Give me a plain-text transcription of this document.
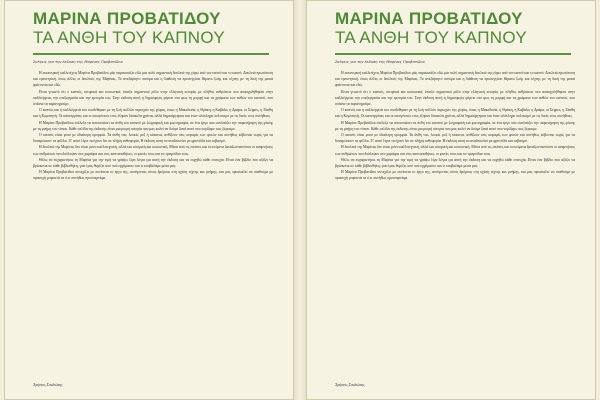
ΜΑΡΙΝΑ ΠΡΟΒΑΤΙΔΟΥ
ΤΑ ΑΝΘΗ ΤΟΥ ΚΑΠΝΟΥ
Σκέψεις για την έκδοση της Μαρίνας Προβατίδου

Η εκκεντρική καλλιτέχνις Μαρίνα Προβατίδου μάς παρουσιάζει εδώ μια πολύ σημαντική δουλειά της γύρω από τον καπνό και το καπνό. Δουλειά πρωτότυπη και ερευνητική, όπως άλλες οι δουλειές της Μαρίνας. Το ανεξάρτητο πνεύμα και η διάθεση να προσεγγίσει θέματα ζωής και τέχνης με τη δική της ματιά φαίνονται και εδώ.

Είναι γνωστό ότι ο καπνός, ιστορικά και κοινωνικά, έπαιξε σημαντικό ρόλο στην ελληνική ιστορία, με πλήθος ανθρώπων που απασχολήθηκαν στην καλλιέργεια, την επεξεργασία και την εμπορία του. Στην έκδοση αυτή η δημιουργός φέρνει στο φως τη μορφή και τα χρώματα των ανθών του καπνού, που σπάνια τα παρατηρούμε.

Ο καπνός και η καλλιέργειά του συνδέθηκαν με τη ζωή πολλών περιοχών της χώρας, όπως η Μακεδονία, η Θράκη, η Καβάλα, η Δράμα, οι Σέρρες, η Ξάνθη και η Κομοτηνή. Οι καπνεργάτες και οι οικογένειές τους έζησαν δύσκολα χρόνια, αλλά δημιούργησαν και έναν ολόκληρο πολιτισμό με τις δικές τους συνήθειες.

Η Μαρίνα Προβατίδου επέλεξε να αποτυπώσει τα άνθη του καπνού με ζωγραφική και φωτογραφία, σε ένα έργο που συνδυάζει την παρατήρηση της φύσης με τη μνήμη του τόπου. Κάθε σελίδα της έκδοσης είναι μια μικρή ιστορία που μας καλεί να δούμε ξανά αυτό που νομίζαμε πως ξέρουμε.

Ο καπνός είναι φυτό με ιδιαίτερη ομορφιά. Τα άνθη του, λευκά, ροζ ή κόκκινα, ανθίζουν στις κορυφές των φυτών και συνήθως κόβονται νωρίς για να δυναμώσουν τα φύλλα. Γι' αυτό λίγοι τα έχουν δει σε πλήρη ανθοφορία. Η έκδοση αυτή τα αναδεικνύει με φροντίδα και σεβασμό.

Η δουλειά της Μαρίνας δεν είναι μόνο καλλιτεχνική, αλλά και ιστορική και κοινωνική. Μέσα από τις εικόνες και τα κείμενα ξαναζωντανεύουν οι αναμνήσεις των ανθρώπων που δούλεψαν στα χωράφια και στις καπναποθήκες, οι φωνές τους και τα τραγούδια τους.

Θέλω να ευχαριστήσω τη Μαρίνα για την τιμή να γράψω λίγα λόγια για αυτή την έκδοση και να ευχηθώ κάθε επιτυχία. Είναι ένα βιβλίο που αξίζει να βρίσκεται σε κάθε βιβλιοθήκη, γιατί μας θυμίζει από πού ερχόμαστε και τι κουβαλάμε μέσα μας.

Η Μαρίνα Προβατίδου συνεχίζει με συνέπεια το έργο της, ανοίγοντας νέους δρόμους στη σχέση τέχνης και μνήμης, και μας προσκαλεί να σταθούμε με προσοχή μπροστά σε ό,τι συνήθως προσπερνάμε.

Χρήστος Σπυλιώτης
ΜΑΡΙΝΑ ΠΡΟΒΑΤΙΔΟΥ
ΤΑ ΑΝΘΗ ΤΟΥ ΚΑΠΝΟΥ
Σκέψεις για την έκδοση της Μαρίνας Προβατίδου

Η εκκεντρική καλλιτέχνις Μαρίνα Προβατίδου μάς παρουσιάζει εδώ μια πολύ σημαντική δουλειά της γύρω από τον καπνό και το καπνό. Δουλειά πρωτότυπη και ερευνητική, όπως άλλες οι δουλειές της Μαρίνας. Το ανεξάρτητο πνεύμα και η διάθεση να προσεγγίσει θέματα ζωής και τέχνης με τη δική της ματιά φαίνονται και εδώ.

Είναι γνωστό ότι ο καπνός, ιστορικά και κοινωνικά, έπαιξε σημαντικό ρόλο στην ελληνική ιστορία, με πλήθος ανθρώπων που απασχολήθηκαν στην καλλιέργεια, την επεξεργασία και την εμπορία του. Στην έκδοση αυτή η δημιουργός φέρνει στο φως τη μορφή και τα χρώματα των ανθών του καπνού, που σπάνια τα παρατηρούμε.

Ο καπνός και η καλλιέργειά του συνδέθηκαν με τη ζωή πολλών περιοχών της χώρας, όπως η Μακεδονία, η Θράκη, η Καβάλα, η Δράμα, οι Σέρρες, η Ξάνθη και η Κομοτηνή. Οι καπνεργάτες και οι οικογένειές τους έζησαν δύσκολα χρόνια, αλλά δημιούργησαν και έναν ολόκληρο πολιτισμό με τις δικές τους συνήθειες.

Η Μαρίνα Προβατίδου επέλεξε να αποτυπώσει τα άνθη του καπνού με ζωγραφική και φωτογραφία, σε ένα έργο που συνδυάζει την παρατήρηση της φύσης με τη μνήμη του τόπου. Κάθε σελίδα της έκδοσης είναι μια μικρή ιστορία που μας καλεί να δούμε ξανά αυτό που νομίζαμε πως ξέρουμε.

Ο καπνός είναι φυτό με ιδιαίτερη ομορφιά. Τα άνθη του, λευκά, ροζ ή κόκκινα, ανθίζουν στις κορυφές των φυτών και συνήθως κόβονται νωρίς για να δυναμώσουν τα φύλλα. Γι' αυτό λίγοι τα έχουν δει σε πλήρη ανθοφορία. Η έκδοση αυτή τα αναδεικνύει με φροντίδα και σεβασμό.

Η δουλειά της Μαρίνας δεν είναι μόνο καλλιτεχνική, αλλά και ιστορική και κοινωνική. Μέσα από τις εικόνες και τα κείμενα ξαναζωντανεύουν οι αναμνήσεις των ανθρώπων που δούλεψαν στα χωράφια και στις καπναποθήκες, οι φωνές τους και τα τραγούδια τους.

Θέλω να ευχαριστήσω τη Μαρίνα για την τιμή να γράψω λίγα λόγια για αυτή την έκδοση και να ευχηθώ κάθε επιτυχία. Είναι ένα βιβλίο που αξίζει να βρίσκεται σε κάθε βιβλιοθήκη, γιατί μας θυμίζει από πού ερχόμαστε και τι κουβαλάμε μέσα μας.

Η Μαρίνα Προβατίδου συνεχίζει με συνέπεια το έργο της, ανοίγοντας νέους δρόμους στη σχέση τέχνης και μνήμης, και μας προσκαλεί να σταθούμε με προσοχή μπροστά σε ό,τι συνήθως προσπερνάμε.

Χρήστος Σπυλιώτης
